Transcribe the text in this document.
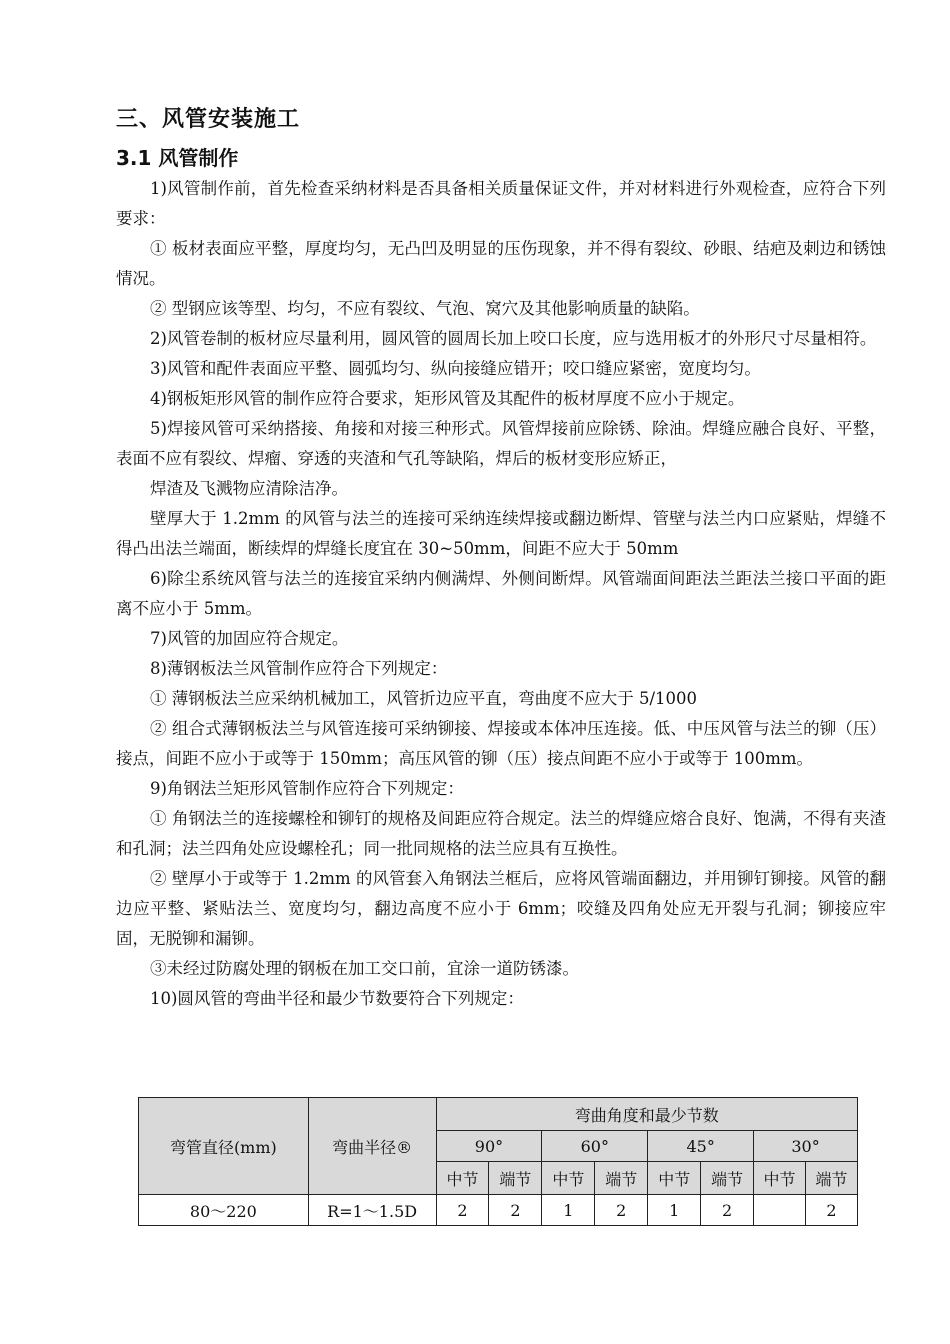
三、风管安装施工
3.1 风管制作

1)风管制作前，首先检查采纳材料是否具备相关质量保证文件，并对材料进行外观检查，应符合下列要求：

① 板材表面应平整，厚度均匀，无凸凹及明显的压伤现象，并不得有裂纹、砂眼、结疤及刺边和锈蚀情况。

② 型钢应该等型、均匀，不应有裂纹、气泡、窝穴及其他影响质量的缺陷。

2)风管卷制的板材应尽量利用，圆风管的圆周长加上咬口长度，应与选用板才的外形尺寸尽量相符。

3)风管和配件表面应平整、圆弧均匀、纵向接缝应错开；咬口缝应紧密，宽度均匀。

4)钢板矩形风管的制作应符合要求，矩形风管及其配件的板材厚度不应小于规定。

5)焊接风管可采纳搭接、角接和对接三种形式。风管焊接前应除锈、除油。焊缝应融合良好、平整，表面不应有裂纹、焊瘤、穿透的夹渣和气孔等缺陷，焊后的板材变形应矫正，

焊渣及飞溅物应清除洁净。

壁厚大于 1.2mm 的风管与法兰的连接可采纳连续焊接或翻边断焊、管壁与法兰内口应紧贴，焊缝不得凸出法兰端面，断续焊的焊缝长度宜在 30~50mm，间距不应大于 50mm

6)除尘系统风管与法兰的连接宜采纳内侧满焊、外侧间断焊。风管端面间距法兰距法兰接口平面的距离不应小于 5mm。

7)风管的加固应符合规定。

8)薄钢板法兰风管制作应符合下列规定：

① 薄钢板法兰应采纳机械加工，风管折边应平直，弯曲度不应大于 5/1000

② 组合式薄钢板法兰与风管连接可采纳铆接、焊接或本体冲压连接。低、中压风管与法兰的铆（压）接点，间距不应小于或等于 150mm；高压风管的铆（压）接点间距不应小于或等于 100mm。

9)角钢法兰矩形风管制作应符合下列规定：

① 角钢法兰的连接螺栓和铆钉的规格及间距应符合规定。法兰的焊缝应熔合良好、饱满，不得有夹渣和孔洞；法兰四角处应设螺栓孔；同一批同规格的法兰应具有互换性。

② 壁厚小于或等于 1.2mm 的风管套入角钢法兰框后，应将风管端面翻边，并用铆钉铆接。风管的翻边应平整、紧贴法兰、宽度均匀，翻边高度不应小于 6mm；咬缝及四角处应无开裂与孔洞；铆接应牢固，无脱铆和漏铆。

③未经过防腐处理的钢板在加工交口前，宜涂一道防锈漆。

10)圆风管的弯曲半径和最少节数要符合下列规定：

弯管直径(mm)	弯曲半径®	弯曲角度和最少节数							
		90°		60°		45°		30°	
		中节	端节	中节	端节	中节	端节	中节	端节
80～220	R=1～1.5D	2	2	1	2	1	2		2
